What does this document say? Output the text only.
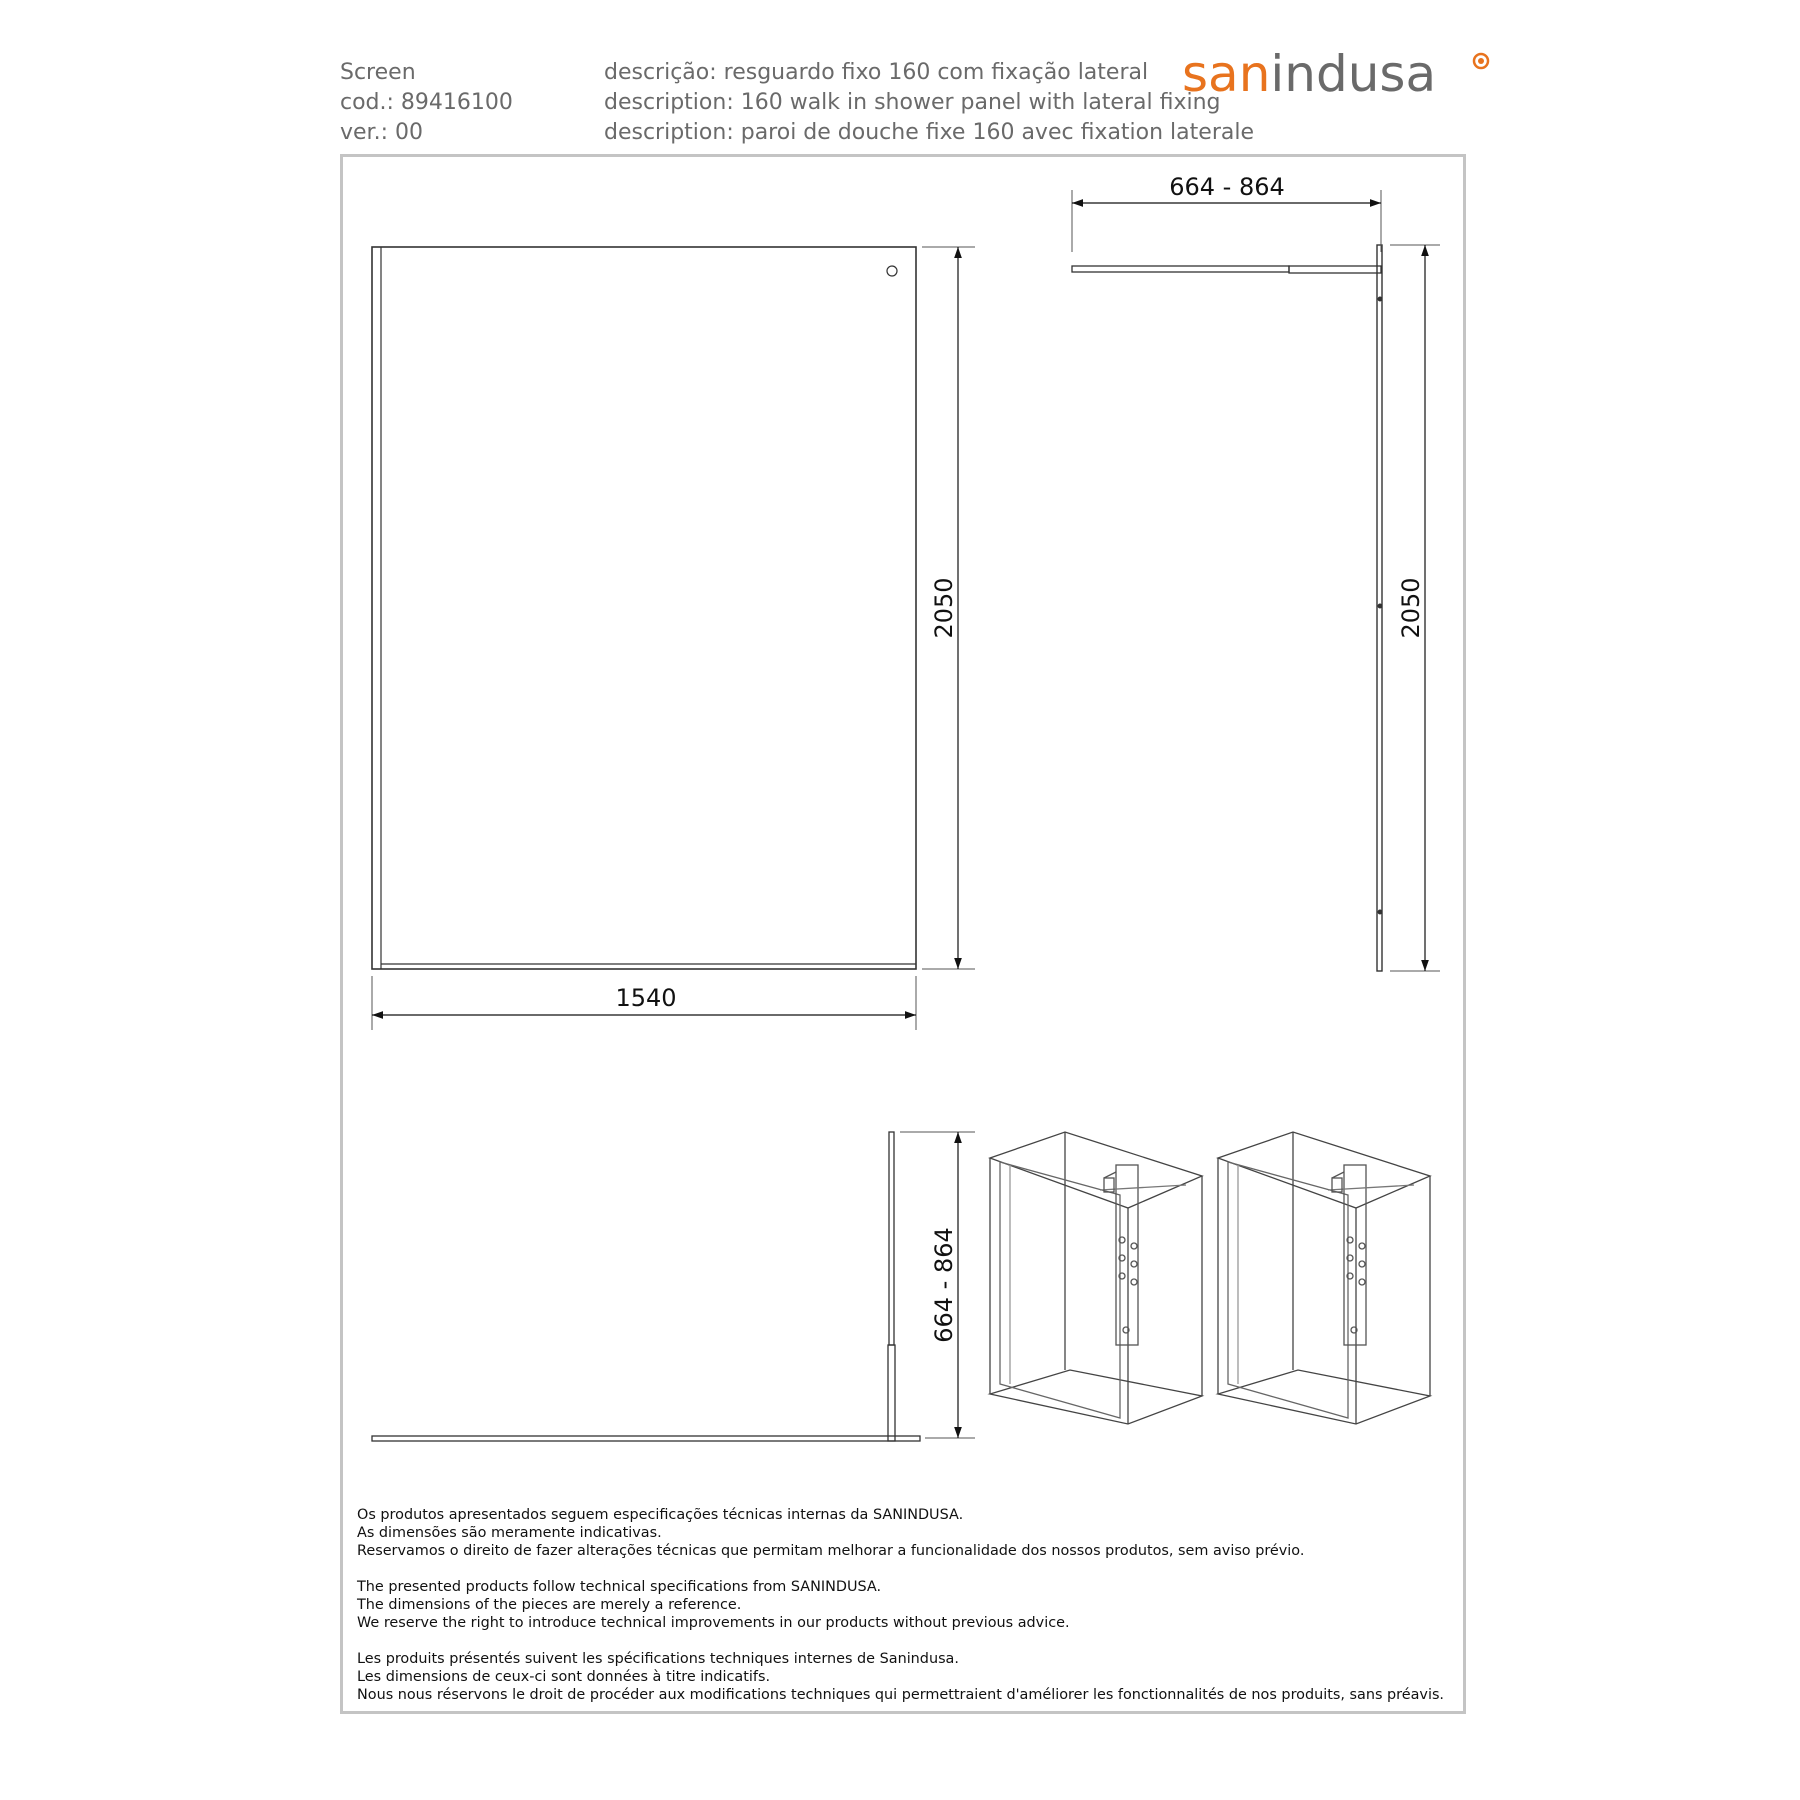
Screen
cod.: 89416100
ver.: 00
descrição: resguardo fixo 160 com fixação lateral
description: 160 walk in shower panel with lateral fixing
description: paroi de douche fixe 160 avec fixation laterale
sanindusa
1540
2050
664 - 864
2050
664 - 864
Os produtos apresentados seguem especificações técnicas internas da SANINDUSA.
As dimensões são meramente indicativas.
Reservamos o direito de fazer alterações técnicas que permitam melhorar a funcionalidade dos nossos produtos, sem aviso prévio.
The presented products follow technical specifications from SANINDUSA.
The dimensions of the pieces are merely a reference.
We reserve the right to introduce technical improvements in our products without previous advice.
Les produits présentés suivent les spécifications techniques internes de Sanindusa.
Les dimensions de ceux-ci sont données à titre indicatifs.
Nous nous réservons le droit de procéder aux modifications techniques qui permettraient d'améliorer les fonctionnalités de nos produits, sans préavis.
